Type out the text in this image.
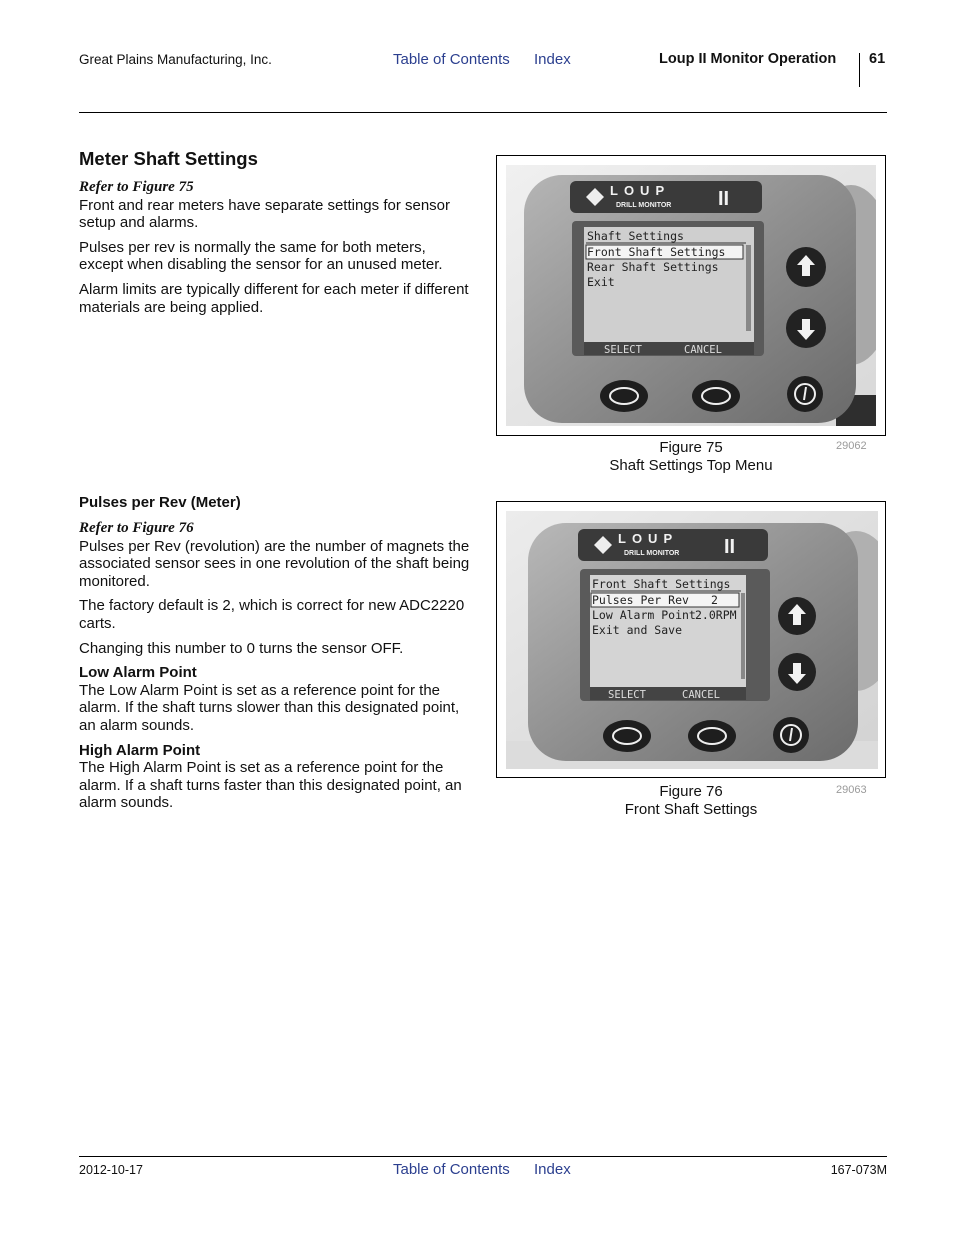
Great Plains Manufacturing, Inc.	Table of Contents Index	Loup II Monitor Operation 61
Meter Shaft Settings

Refer to Figure 75

Front and rear meters have separate settings for sensor setup and alarms.

Pulses per rev is normally the same for both meters, except when disabling the sensor for an unused meter.

Alarm limits are typically different for each meter if different materials are being applied.

LOUP
DRILL MONITOR II
Shaft Settings
Front Shaft Settings
Rear Shaft Settings
Exit
SELECT	CANCEL
Figure 75
Shaft Settings Top Menu
29062
Pulses per Rev (Meter)

Refer to Figure 76

Pulses per Rev (revolution) are the number of magnets the associated sensor sees in one revolution of the shaft being monitored.

The factory default is 2, which is correct for new ADC2220 carts.

Changing this number to 0 turns the sensor OFF.

Low Alarm Point

The Low Alarm Point is set as a reference point for the alarm. If the shaft turns slower than this designated point, an alarm sounds.

High Alarm Point

The High Alarm Point is set as a reference point for the alarm. If a shaft turns faster than this designated point, an alarm sounds.

LOUP
DRILL MONITOR II
Front Shaft Settings
Pulses Per Rev 2
Low Alarm Point 2.0RPM
Exit and Save
SELECT	CANCEL
Figure 76
Front Shaft Settings
29063
2012-10-17	Table of Contents Index	167-073M
